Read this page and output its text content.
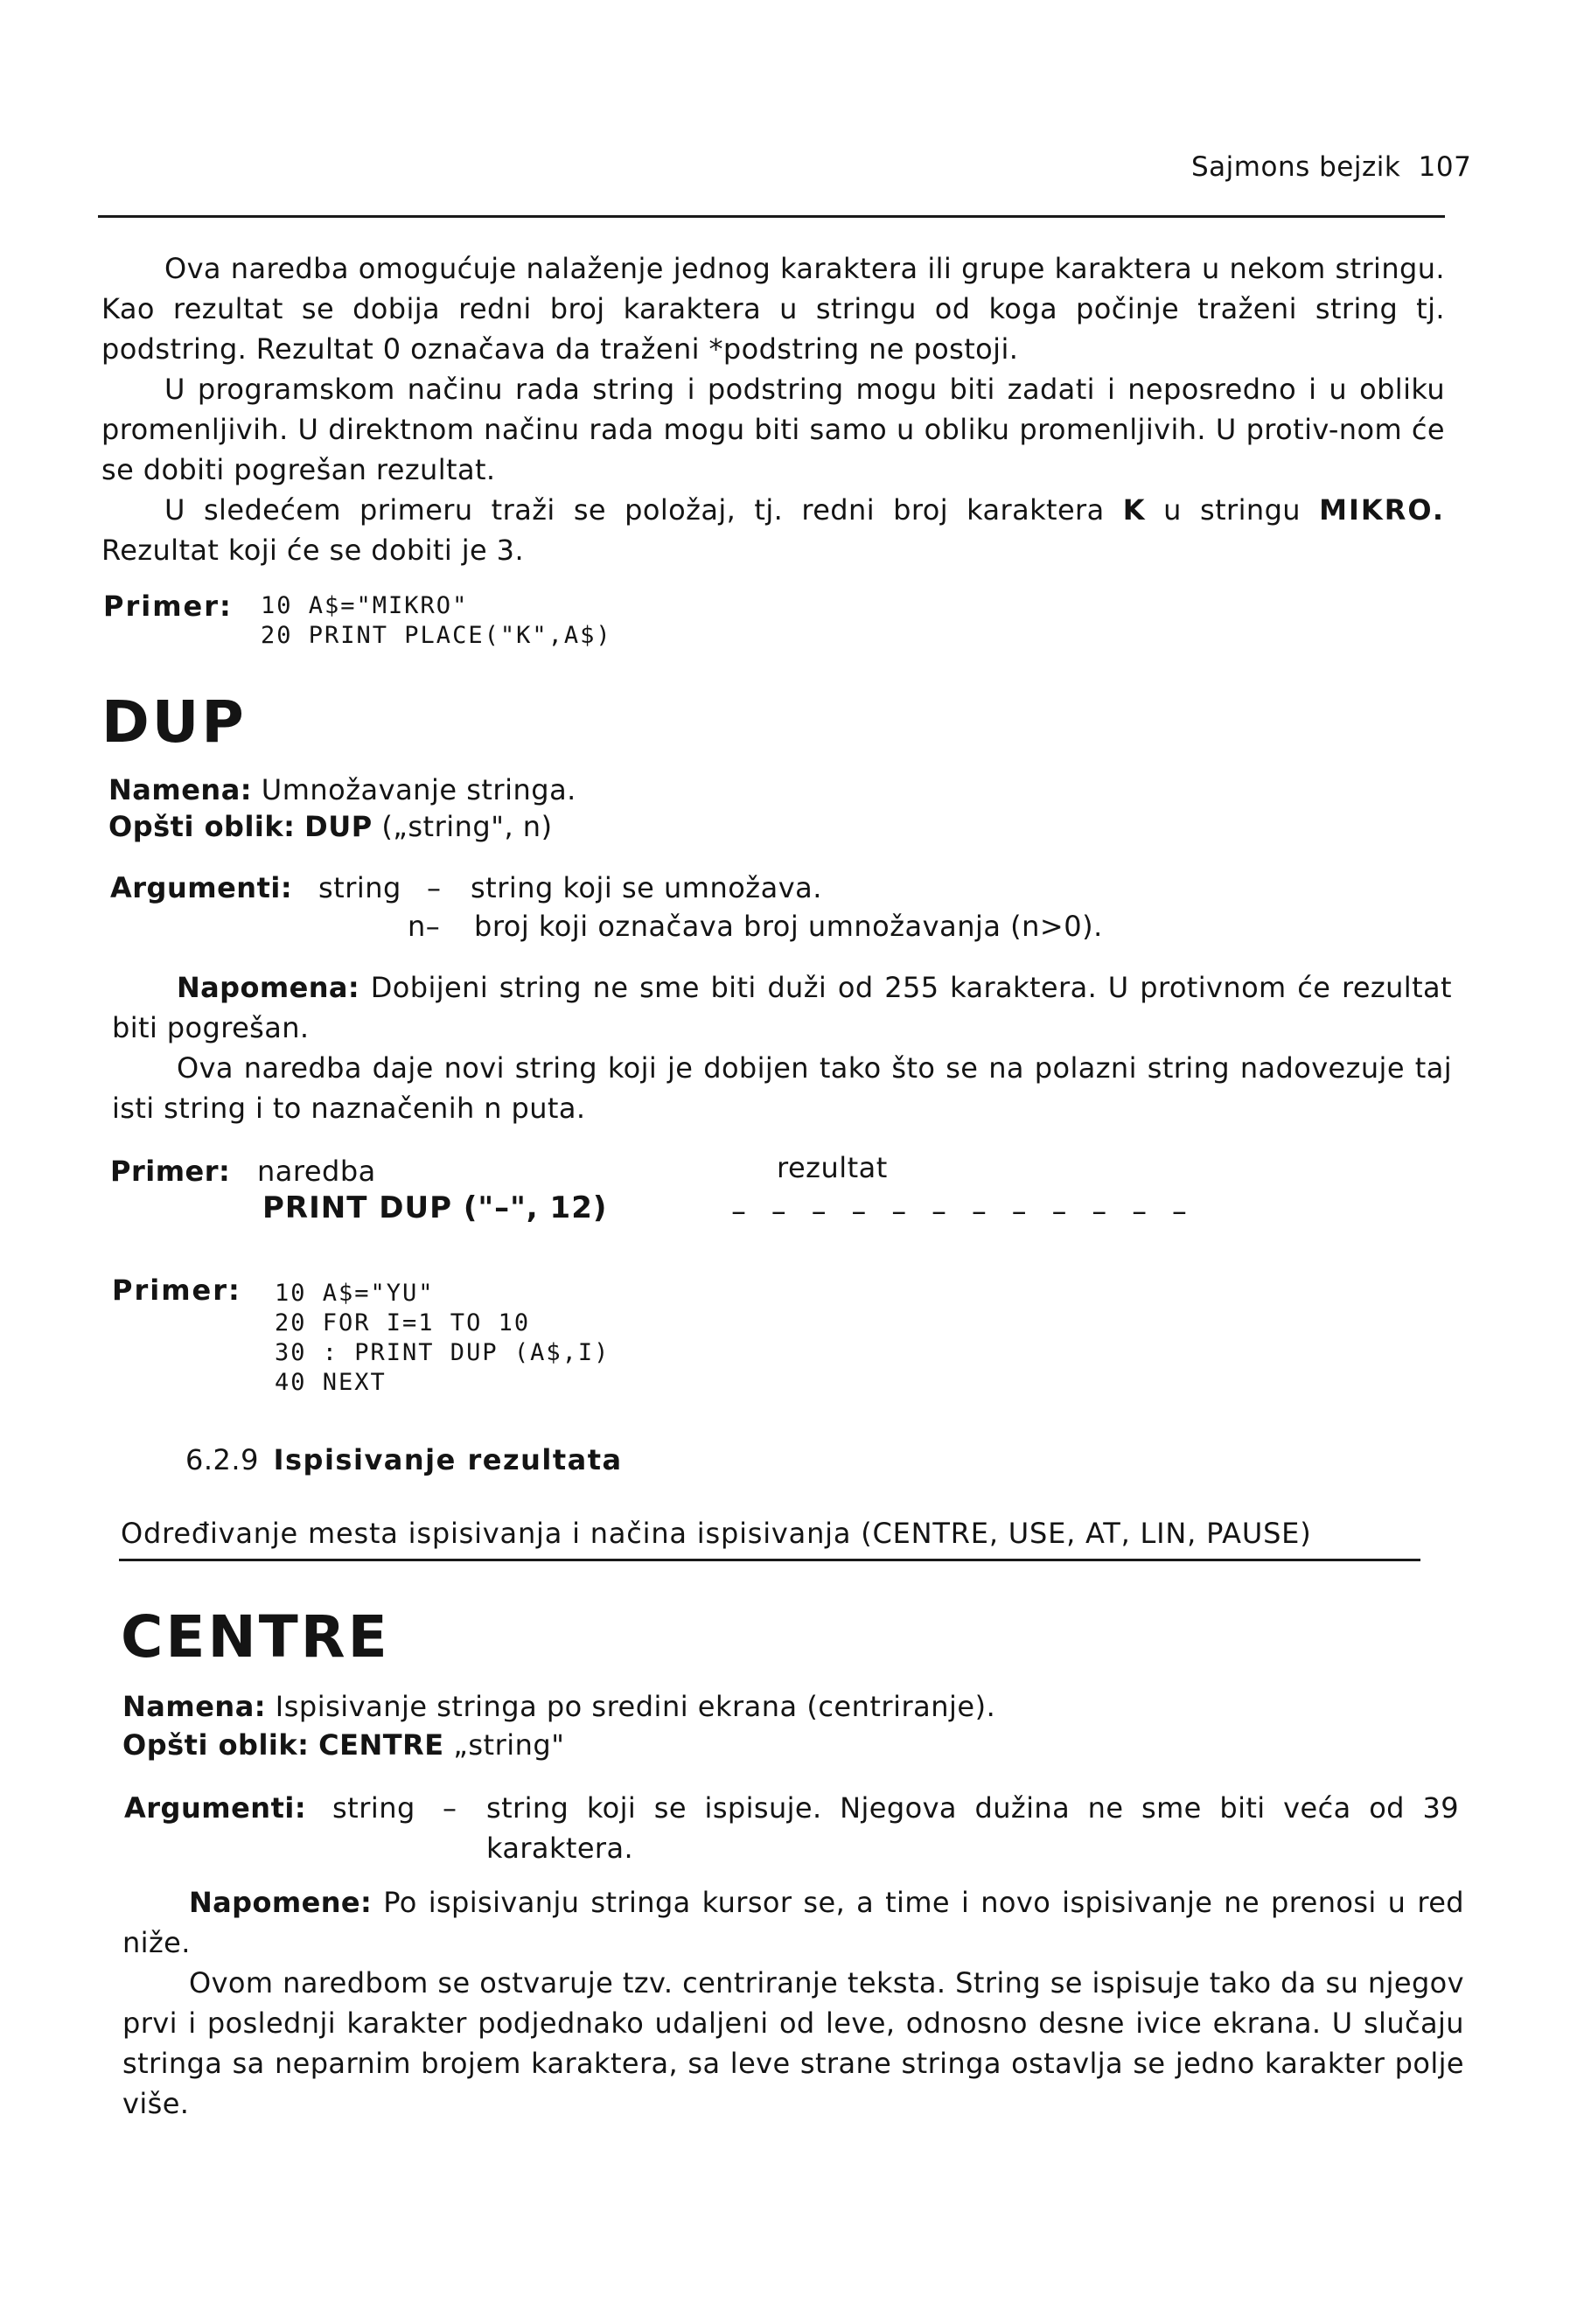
Sajmons bejzik 107
Ova naredba omogućuje nalaženje jednog karaktera ili grupe karaktera u nekom stringu. Kao rezultat se dobija redni broj karaktera u stringu od koga počinje traženi string tj. podstring. Rezultat 0 označava da traženi *podstring ne postoji.
U programskom načinu rada string i podstring mogu biti zadati i neposredno i u obliku promenljivih. U direktnom načinu rada mogu biti samo u obliku promenljivih. U protiv-nom će se dobiti pogrešan rezultat.
U sledećem primeru traži se položaj, tj. redni broj karaktera K u stringu MIKRO. Rezultat koji će se dobiti je 3.
Primer: 10 A$="MIKRO"
20 PRINT PLACE("K",A$)
DUP
Namena: Umnožavanje stringa.
Opšti oblik: DUP („string", n)
Argumenti: string – string koji se umnožava.
n– broj koji označava broj umnožavanja (n>0).
Napomena: Dobijeni string ne sme biti duži od 255 karaktera. U protivnom će rezultat biti pogrešan.
Ova naredba daje novi string koji je dobijen tako što se na polazni string nadovezuje taj isti string i to naznačenih n puta.
Primer: naredba	rezultat
PRINT DUP ("–", 12)	– – – – – – – – – – – –
Primer: 10 A$="YU"
20 FOR I=1 TO 10
30 : PRINT DUP (A$,I)
40 NEXT
6.2.9 Ispisivanje rezultata
Određivanje mesta ispisivanja i načina ispisivanja (CENTRE, USE, AT, LIN, PAUSE)
CENTRE
Namena: Ispisivanje stringa po sredini ekrana (centriranje).
Opšti oblik: CENTRE „string"
Argumenti: string – string koji se ispisuje. Njegova dužina ne sme biti veća od 39 karaktera.
Napomene: Po ispisivanju stringa kursor se, a time i novo ispisivanje ne prenosi u red niže.
Ovom naredbom se ostvaruje tzv. centriranje teksta. String se ispisuje tako da su njegov prvi i poslednji karakter podjednako udaljeni od leve, odnosno desne ivice ekrana. U slučaju stringa sa neparnim brojem karaktera, sa leve strane stringa ostavlja se jedno karakter polje više.
